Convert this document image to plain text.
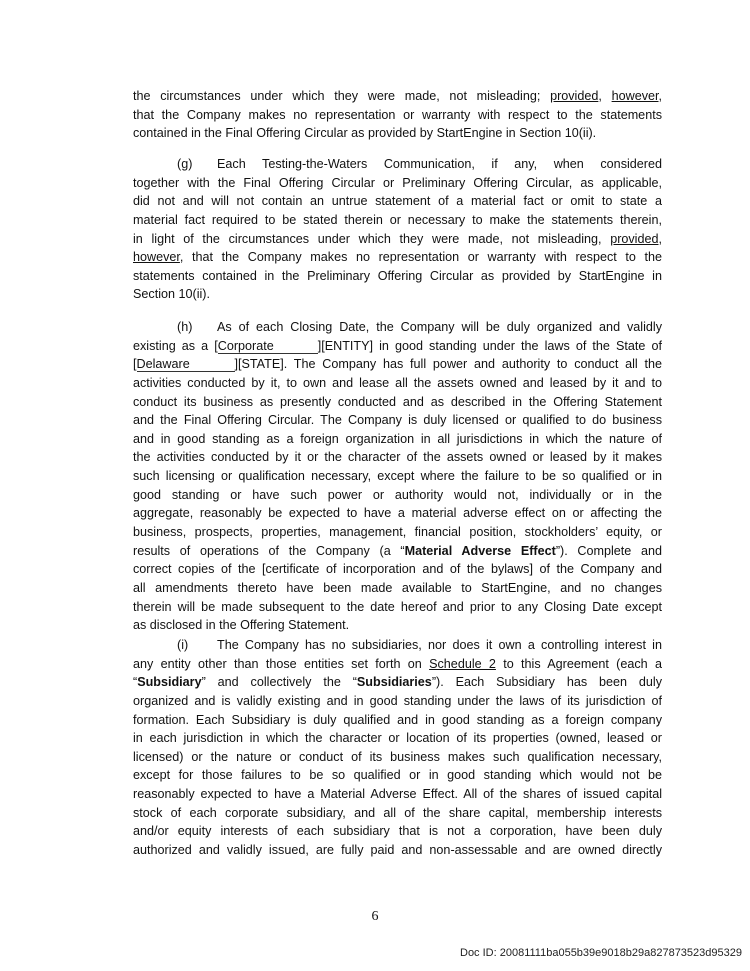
the circumstances under which they were made, not misleading; provided, however,
that the Company makes no representation or warranty with respect to the statements
contained in the Final Offering Circular as provided by StartEngine in Section 10(ii).
(g) Each Testing-the-Waters Communication, if any, when considered
together with the Final Offering Circular or Preliminary Offering Circular, as applicable,
did not and will not contain an untrue statement of a material fact or omit to state a
material fact required to be stated therein or necessary to make the statements therein,
in light of the circumstances under which they were made, not misleading, provided,
however, that the Company makes no representation or warranty with respect to the
statements contained in the Preliminary Offering Circular as provided by StartEngine in
Section 10(ii).
(h) As of each Closing Date, the Company will be duly organized and validly
existing as a [Corporate	][ENTITY] in good standing under the laws of the State of
[Delaware	][STATE]. The Company has full power and authority to conduct all the
activities conducted by it, to own and lease all the assets owned and leased by it and to
conduct its business as presently conducted and as described in the Offering Statement
and the Final Offering Circular. The Company is duly licensed or qualified to do business
and in good standing as a foreign organization in all jurisdictions in which the nature of
the activities conducted by it or the character of the assets owned or leased by it makes
such licensing or qualification necessary, except where the failure to be so qualified or in
good standing or have such power or authority would not, individually or in the
aggregate, reasonably be expected to have a material adverse effect on or affecting the
business, prospects, properties, management, financial position, stockholders’ equity, or
results of operations of the Company (a “Material Adverse Effect”). Complete and
correct copies of the [certificate of incorporation and of the bylaws] of the Company and
all amendments thereto have been made available to StartEngine, and no changes
therein will be made subsequent to the date hereof and prior to any Closing Date except
as disclosed in the Offering Statement.
(i) The Company has no subsidiaries, nor does it own a controlling interest in
any entity other than those entities set forth on Schedule 2 to this Agreement (each a
“Subsidiary” and collectively the “Subsidiaries”). Each Subsidiary has been duly
organized and is validly existing and in good standing under the laws of its jurisdiction of
formation. Each Subsidiary is duly qualified and in good standing as a foreign company
in each jurisdiction in which the character or location of its properties (owned, leased or
licensed) or the nature or conduct of its business makes such qualification necessary,
except for those failures to be so qualified or in good standing which would not be
reasonably expected to have a Material Adverse Effect. All of the shares of issued capital
stock of each corporate subsidiary, and all of the share capital, membership interests
and/or equity interests of each subsidiary that is not a corporation, have been duly
authorized and validly issued, are fully paid and non-assessable and are owned directly
6
Doc ID: 20081111ba055b39e9018b29a827873523d95329
